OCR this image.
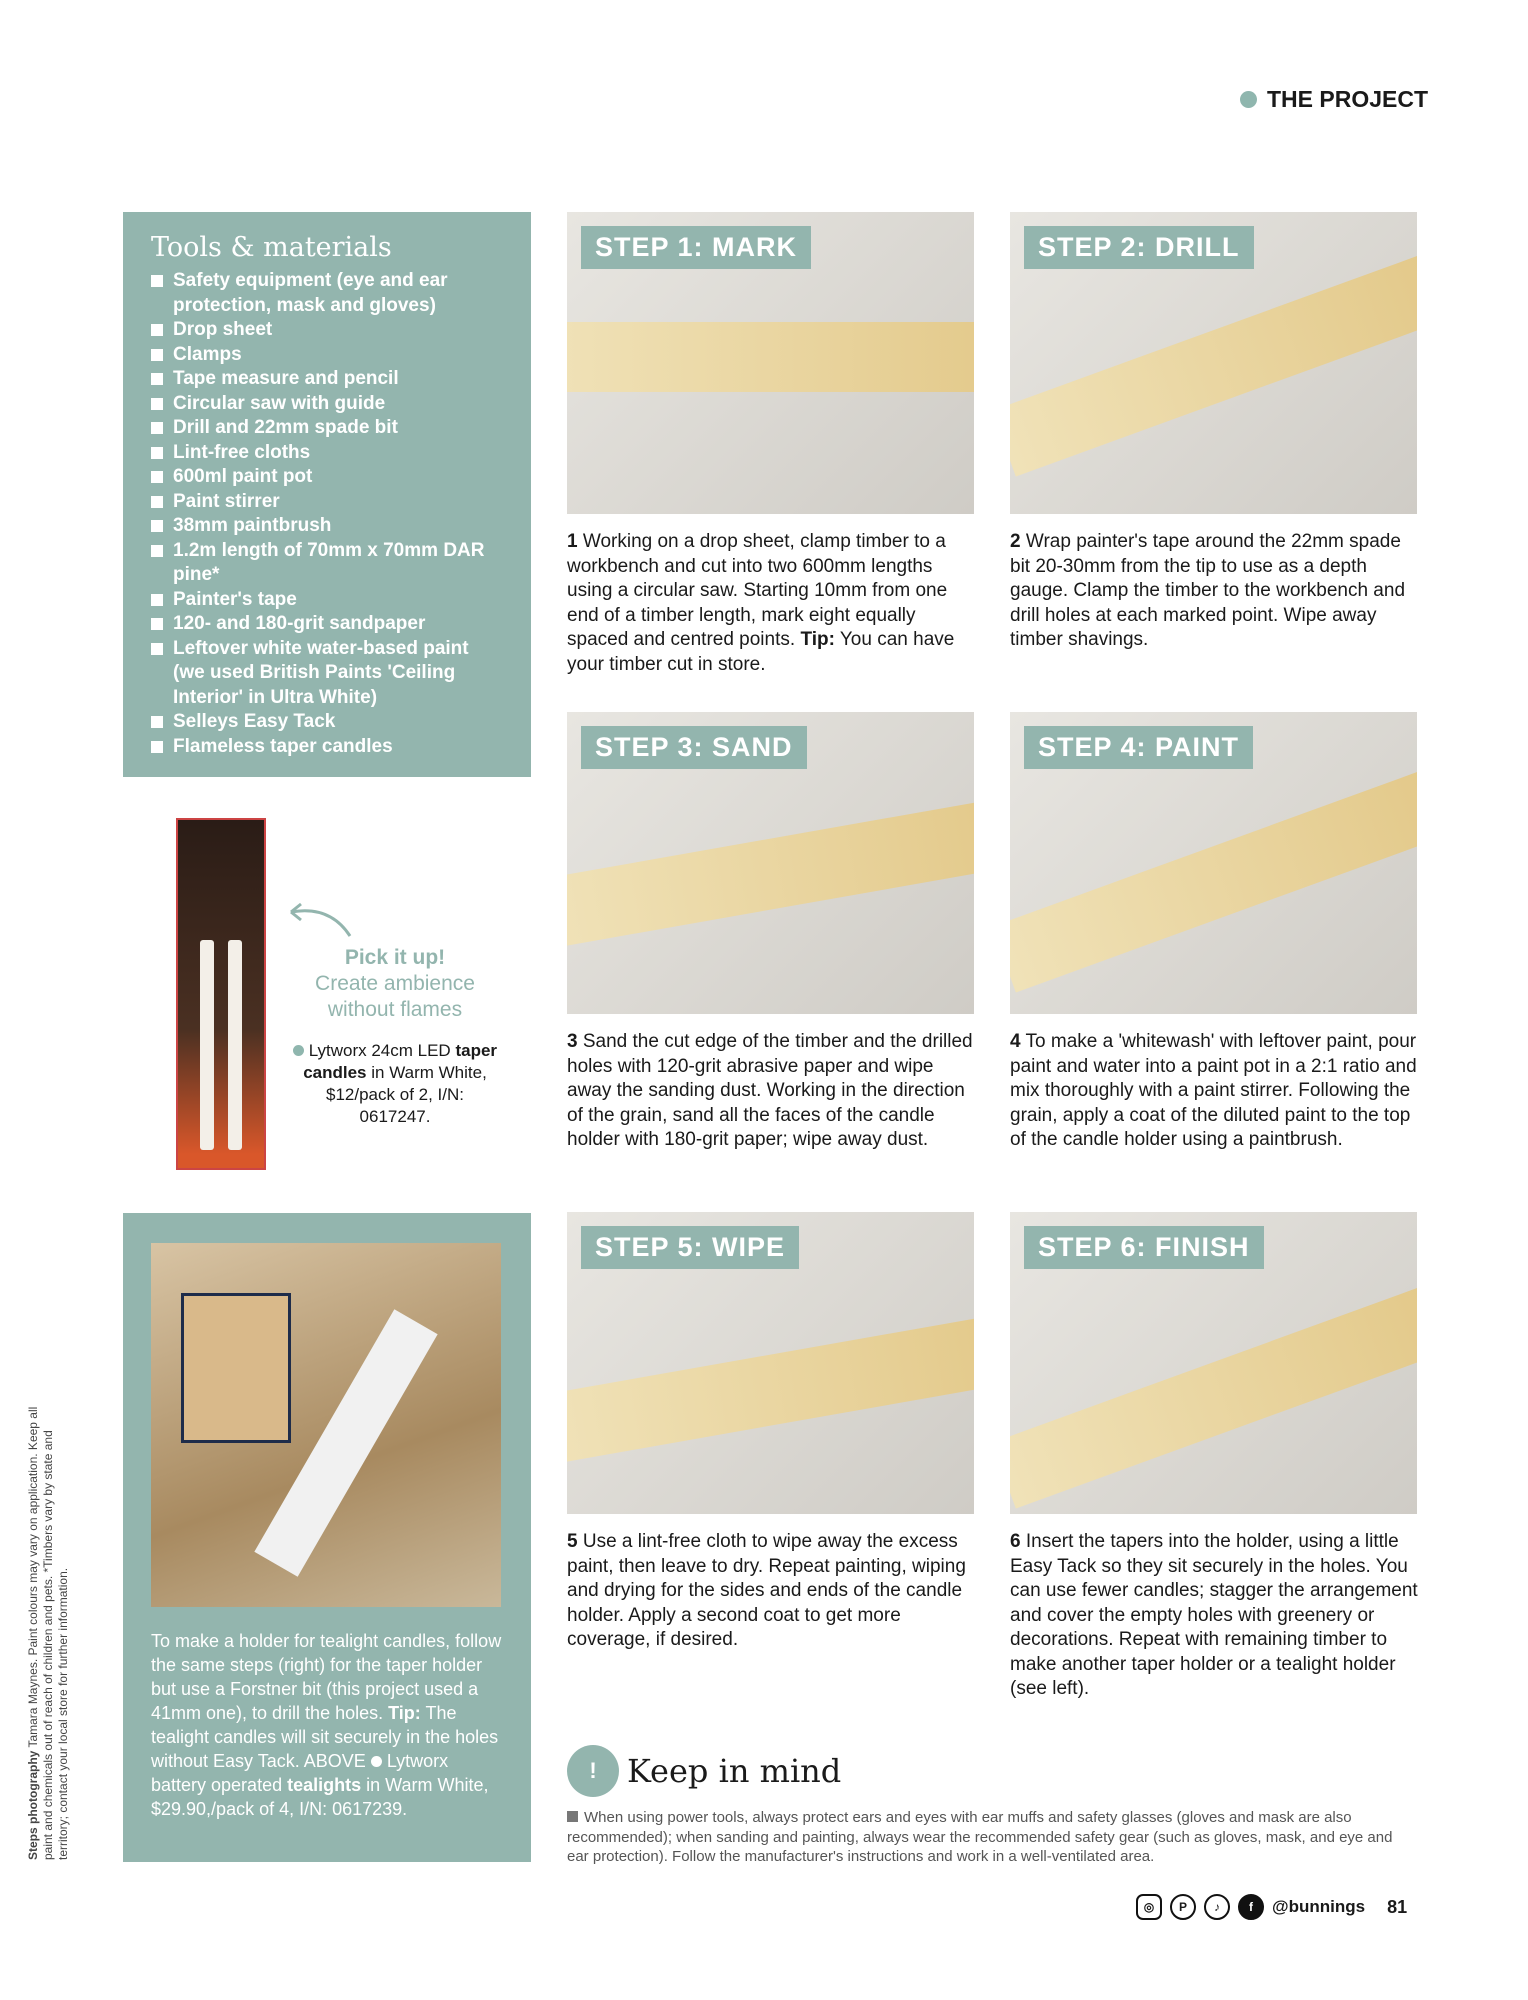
THE PROJECT
Tools & materials
Safety equipment (eye and ear protection, mask and gloves)
Drop sheet
Clamps
Tape measure and pencil
Circular saw with guide
Drill and 22mm spade bit
Lint-free cloths
600ml paint pot
Paint stirrer
38mm paintbrush
1.2m length of 70mm x 70mm DAR pine*
Painter's tape
120- and 180-grit sandpaper
Leftover white water-based paint (we used British Paints 'Ceiling Interior' in Ultra White)
Selleys Easy Tack
Flameless taper candles
STEP 1: MARK
1 Working on a drop sheet, clamp timber to a workbench and cut into two 600mm lengths using a circular saw. Starting 10mm from one end of a timber length, mark eight equally spaced and centred points. Tip: You can have your timber cut in store.
STEP 2: DRILL
2 Wrap painter's tape around the 22mm spade bit 20-30mm from the tip to use as a depth gauge. Clamp the timber to the workbench and drill holes at each marked point. Wipe away timber shavings.
STEP 3: SAND
3 Sand the cut edge of the timber and the drilled holes with 120-grit abrasive paper and wipe away the sanding dust. Working in the direction of the grain, sand all the faces of the candle holder with 180-grit paper; wipe away dust.
STEP 4: PAINT
4 To make a 'whitewash' with leftover paint, pour paint and water into a paint pot in a 2:1 ratio and mix thoroughly with a paint stirrer. Following the grain, apply a coat of the diluted paint to the top of the candle holder using a paintbrush.
STEP 5: WIPE
5 Use a lint-free cloth to wipe away the excess paint, then leave to dry. Repeat painting, wiping and drying for the sides and ends of the candle holder. Apply a second coat to get more coverage, if desired.
STEP 6: FINISH
6 Insert the tapers into the holder, using a little Easy Tack so they sit securely in the holes. You can use fewer candles; stagger the arrangement and cover the empty holes with greenery or decorations. Repeat with remaining timber to make another taper holder or a tealight holder (see left).
Pick it up!
Create ambience without flames
Lytworx 24cm LED taper candles in Warm White, $12/pack of 2, I/N: 0617247.

To make a holder for tealight candles, follow the same steps (right) for the taper holder but use a Forstner bit (this project used a 41mm one), to drill the holes. Tip: The tealight candles will sit securely in the holes without Easy Tack. ABOVE Lytworx battery operated tealights in Warm White, $29.90,/pack of 4, I/N: 0617239.

Steps photography Tamara Maynes. Paint colours may vary on application. Keep all paint and chemicals out of reach of children and pets. *Timbers vary by state and territory; contact your local store for further information.	! Keep in mind
When using power tools, always protect ears and eyes with ear muffs and safety glasses (gloves and mask are also recommended); when sanding and painting, always wear the recommended safety gear (such as gloves, mask, and eye and ear protection). Follow the manufacturer's instructions and work in a well-ventilated area.
◎	P	♪	f	@bunnings 81
